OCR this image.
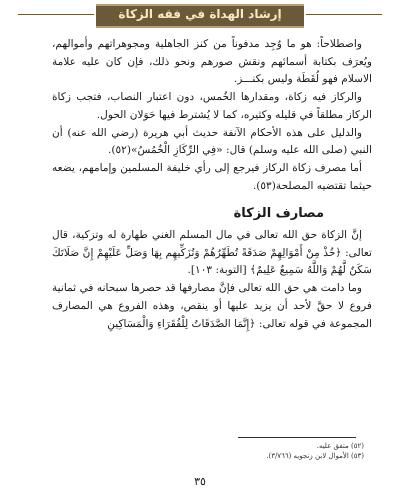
إرشاد الهداة في فقه الزكاة

واصطلاحاً: هو ما وُجِد مدفوناً من كنز الجاهلية ومجوهراتهم وأموالهم، ويُعرَف بكتابة أسمائهم ونقش صورهم ونحو ذلك، فإن كان عليه علامة الاسلام فهو لُقَطَة وليس بكنـــز.

والركاز فيه زكاة، ومقدارها الخُمس، دون اعتبار النصاب، فتجب زكاة الركاز مطلقاً في قليله وكثيره، كما لا يُشترط فيها حَوَلان الحول.

والدليل على هذه الأحكام الآنفة حديث أبي هريرة (رضي الله عنه) أن النبي (صلى الله عليه وسلم) قال: «فِي الرِّكَازِ الْخُمُسُ»(٥٢).

أما مصرف زكاة الركاز فيرجع إلى رأي خليفة المسلمين وإمامهم، يضعه حيثما تقتضيه المصلحة(٥٣).

مصارف الزكاة

إنَّ الزكاة حق الله تعالى في مال المسلم الغني طهارة له وتزكية، قال تعالى: ﴿خُذْ مِنْ أَمْوَالِهِمْ صَدَقَةً تُطَهِّرُهُمْ وَتُزَكِّيهِم بِهَا وَصَلِّ عَلَيْهِمْ إِنَّ صَلَاتَكَ سَكَنٌ لَّهُمْ وَاللَّهُ سَمِيعٌ عَلِيمٌ﴾ [التوبة: ١٠٣].

وما دامت هي حق الله تعالى فإنَّ مصارفها قد حصرها سبحانه في ثمانية فروع لا حقَّ لأحد أن يزيد عليها أو ينقص، وهذه الفروع هي المصارف المجموعة في قوله تعالى: ﴿إِنَّمَا الصَّدَقَاتُ لِلْفُقَرَاءِ وَالْمَسَاكِينِ

(٥٢) متفق عليه.
(٥٣) الأموال لابن زنجويه (٣/٧٦٦).
٣٥
